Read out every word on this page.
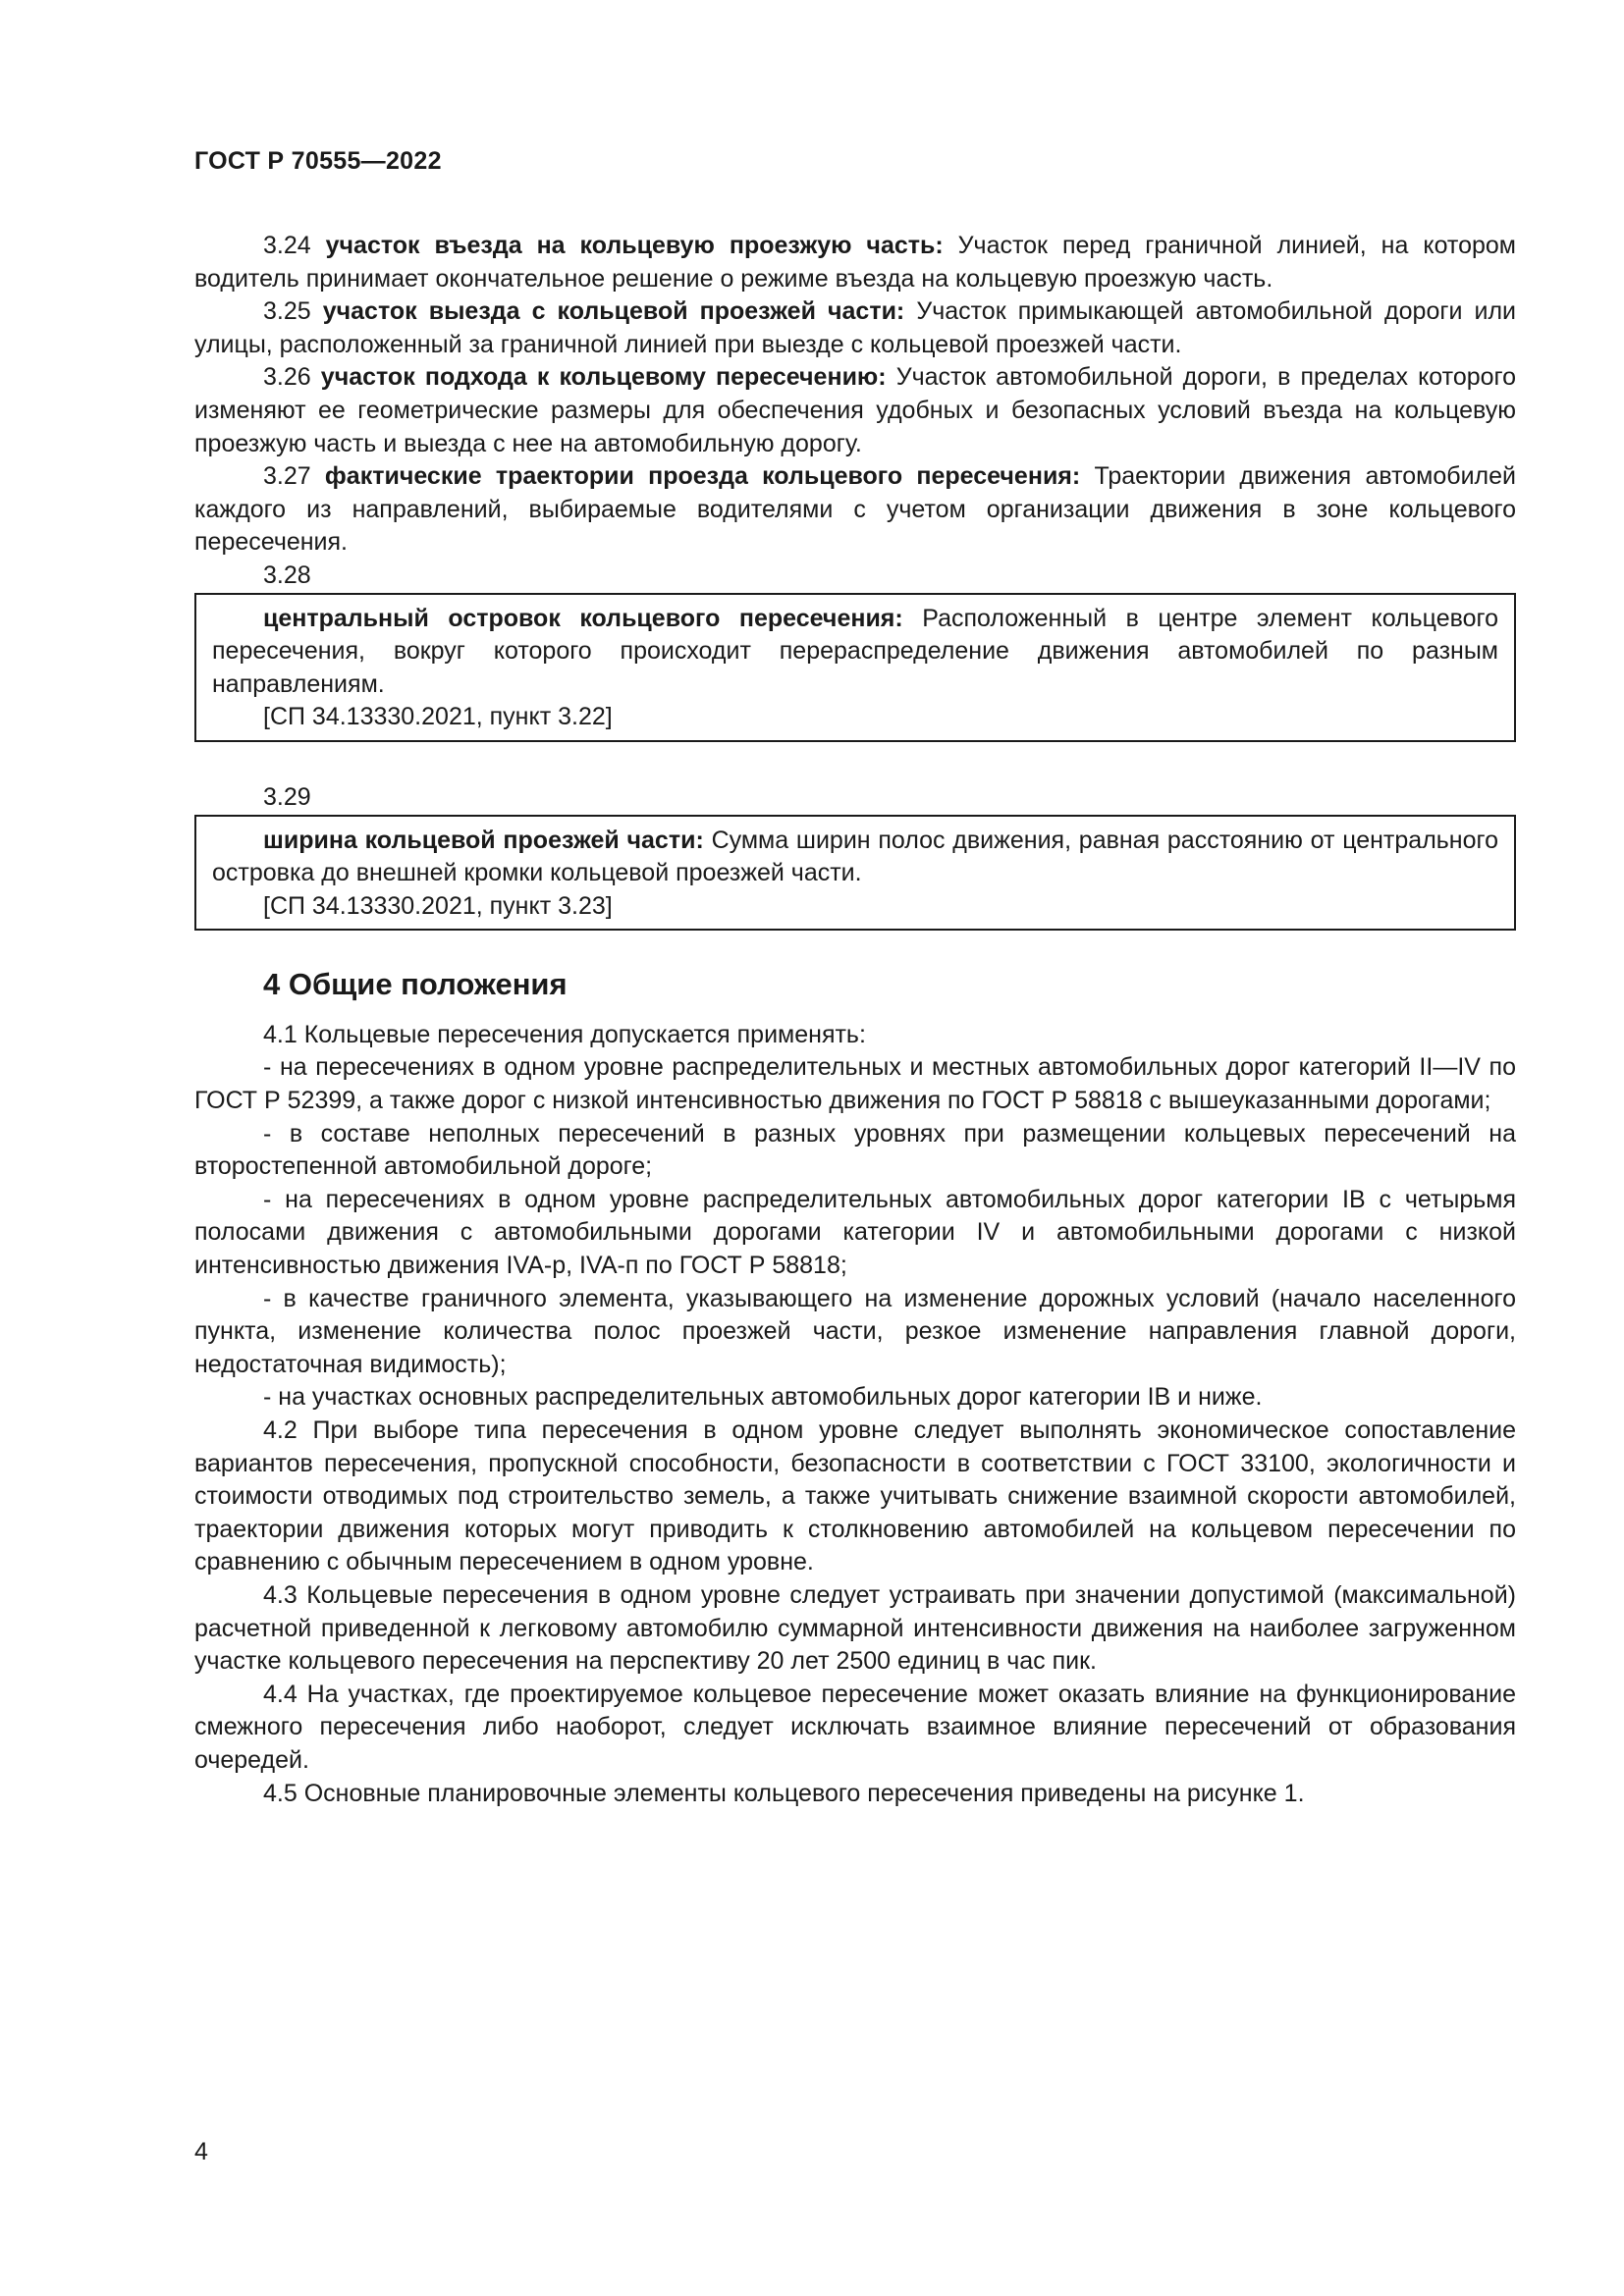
ГОСТ Р 70555—2022

3.24 участок въезда на кольцевую проезжую часть: Участок перед граничной линией, на котором водитель принимает окончательное решение о режиме въезда на кольцевую проезжую часть.

3.25 участок выезда с кольцевой проезжей части: Участок примыкающей автомобильной дороги или улицы, расположенный за граничной линией при выезде с кольцевой проезжей части.

3.26 участок подхода к кольцевому пересечению: Участок автомобильной дороги, в пределах которого изменяют ее геометрические размеры для обеспечения удобных и безопасных условий въезда на кольцевую проезжую часть и выезда с нее на автомобильную дорогу.

3.27 фактические траектории проезда кольцевого пересечения: Траектории движения автомобилей каждого из направлений, выбираемые водителями с учетом организации движения в зоне кольцевого пересечения.

3.28

центральный островок кольцевого пересечения: Расположенный в центре элемент кольцевого пересечения, вокруг которого происходит перераспределение движения автомобилей по разным направлениям.

[СП 34.13330.2021, пункт 3.22]

3.29

ширина кольцевой проезжей части: Сумма ширин полос движения, равная расстоянию от центрального островка до внешней кромки кольцевой проезжей части.

[СП 34.13330.2021, пункт 3.23]

4 Общие положения

4.1 Кольцевые пересечения допускается применять:

- на пересечениях в одном уровне распределительных и местных автомобильных дорог категорий II—IV по ГОСТ Р 52399, а также дорог с низкой интенсивностью движения по ГОСТ Р 58818 с вышеуказанными дорогами;

- в составе неполных пересечений в разных уровнях при размещении кольцевых пересечений на второстепенной автомобильной дороге;

- на пересечениях в одном уровне распределительных автомобильных дорог категории IB с четырьмя полосами движения с автомобильными дорогами категории IV и автомобильными дорогами с низкой интенсивностью движения IVA-р, IVA-п по ГОСТ Р 58818;

- в качестве граничного элемента, указывающего на изменение дорожных условий (начало населенного пункта, изменение количества полос проезжей части, резкое изменение направления главной дороги, недостаточная видимость);

- на участках основных распределительных автомобильных дорог категории IB и ниже.

4.2 При выборе типа пересечения в одном уровне следует выполнять экономическое сопоставление вариантов пересечения, пропускной способности, безопасности в соответствии с ГОСТ 33100, экологичности и стоимости отводимых под строительство земель, а также учитывать снижение взаимной скорости автомобилей, траектории движения которых могут приводить к столкновению автомобилей на кольцевом пересечении по сравнению с обычным пересечением в одном уровне.

4.3 Кольцевые пересечения в одном уровне следует устраивать при значении допустимой (максимальной) расчетной приведенной к легковому автомобилю суммарной интенсивности движения на наиболее загруженном участке кольцевого пересечения на перспективу 20 лет 2500 единиц в час пик.

4.4 На участках, где проектируемое кольцевое пересечение может оказать влияние на функционирование смежного пересечения либо наоборот, следует исключать взаимное влияние пересечений от образования очередей.

4.5 Основные планировочные элементы кольцевого пересечения приведены на рисунке 1.

4
